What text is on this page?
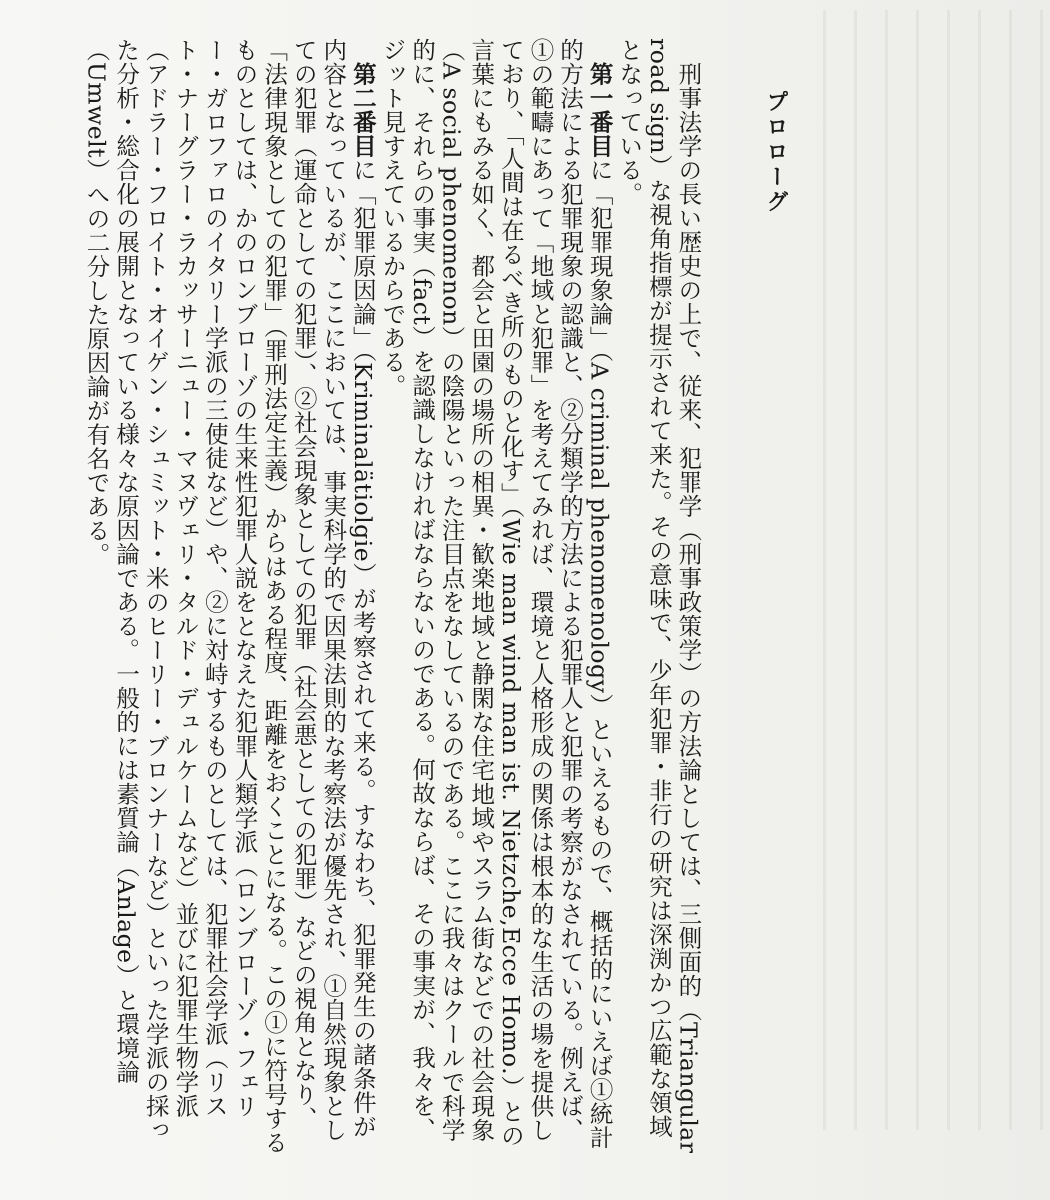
プロローグ

刑事法学の長い歴史の上で、従来、犯罪学（刑事政策学）の方法論としては、三側面的（Triangular road sign）な視角指標が提示されて来た。その意味で、少年犯罪・非行の研究は深渕かつ広範な領域となっている。

第一番目に「犯罪現象論」（A criminal phenomenology）といえるもので、概括的にいえば①統計的方法による犯罪現象の認識と、②分類学的方法による犯罪人と犯罪の考察がなされている。例えば、①の範疇にあって「地域と犯罪」を考えてみれば、環境と人格形成の関係は根本的な生活の場を提供しており、「人間は在るべき所のものと化す」（Wie man wind man ist. Nietzche,Ecce Homo.）との言葉にもみる如く、都会と田園の場所の相異・歓楽地域と静閑な住宅地域やスラム街などでの社会現象（A social phenomenon）の陰陽といった注目点をなしているのである。ここに我々はクールで科学的に、それらの事実（fact）を認識しなければならないのである。何故ならば、その事実が、我々を、ジット見すえているからである。

第二番目に「犯罪原因論」（Kriminalätiolgie）が考察されて来る。すなわち、犯罪発生の諸条件が内容となっているが、ここにおいては、事実科学的で因果法則的な考察法が優先され、①自然現象としての犯罪（運命としての犯罪）、②社会現象としての犯罪（社会悪としての犯罪）などの視角となり、「法律現象としての犯罪」（罪刑法定主義）からはある程度、距離をおくことになる。この①に符号するものとしては、かのロンブローゾの生来性犯罪人説をとなえた犯罪人類学派（ロンブローゾ・フェリー・ガロファロのイタリー学派の三使徒など）や、②に対峙するものとしては、犯罪社会学派（リスト・ナーグラー・ラカッサーニュー・マヌヴェリ・タルド・デュルケームなど）並びに犯罪生物学派（アドラー・フロイト・オイゲン・シュミット・米のヒーリー・ブロンナーなど）といった学派の採った分析・総合化の展開となっている様々な原因論である。一般的には素質論（Anlage）と環境論（Umwelt）への二分した原因論が有名である。
